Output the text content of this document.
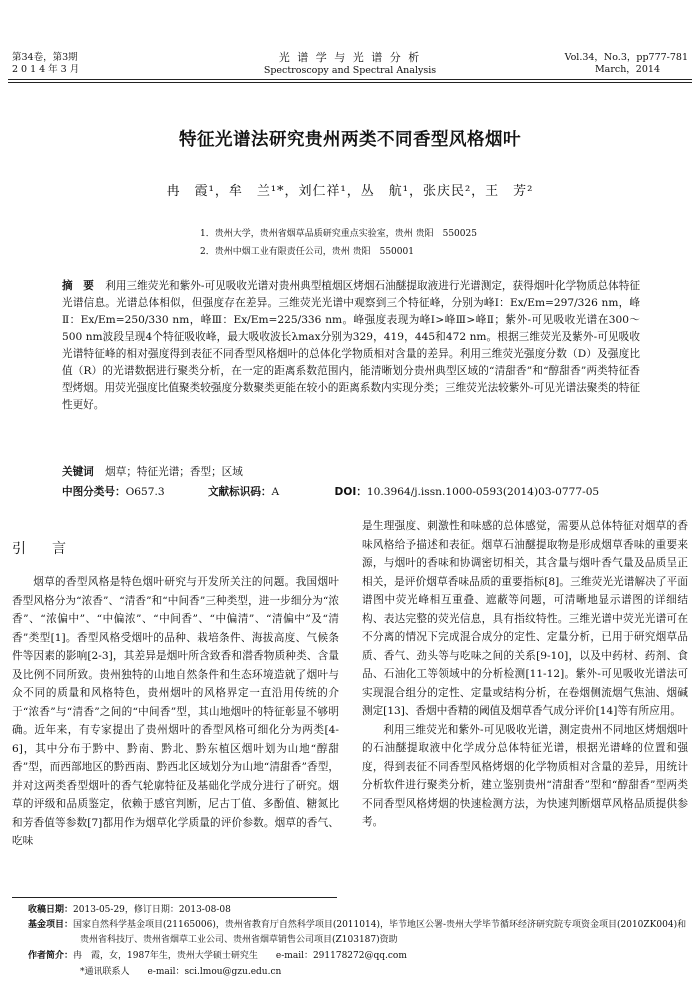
第34卷，第3期
2014年3月
光 谱 学 与 光 谱 分 析
Spectroscopy and Spectral Analysis
Vol.34，No.3，pp777-781
March，2014
特征光谱法研究贵州两类不同香型风格烟叶
冉　霞¹，牟　兰¹*，刘仁祥¹，丛　航¹，张庆民²，王　芳²
1．贵州大学，贵州省烟草品质研究重点实验室，贵州 贵阳　550025
2．贵州中烟工业有限责任公司，贵州 贵阳　550001
摘　要 利用三维荧光和紫外-可见吸收光谱对贵州典型植烟区烤烟石油醚提取液进行光谱测定，获得烟叶化学物质总体特征光谱信息。光谱总体相似，但强度存在差异。三维荧光光谱中观察到三个特征峰，分别为峰Ⅰ：Ex/Em=297/326 nm，峰Ⅱ：Ex/Em=250/330 nm，峰Ⅲ：Ex/Em=225/336 nm。峰强度表现为峰Ⅰ>峰Ⅲ>峰Ⅱ；紫外-可见吸收光谱在300～500 nm波段呈现4个特征吸收峰，最大吸收波长λmax分别为329，419，445和472 nm。根据三维荧光及紫外-可见吸收光谱特征峰的相对强度得到表征不同香型风格烟叶的总体化学物质相对含量的差异。利用三维荧光强度分数（D）及强度比值（R）的光谱数据进行聚类分析，在一定的距离系数范围内，能清晰划分贵州典型区域的“清甜香”和“醇甜香”两类特征香型烤烟。用荧光强度比值聚类较强度分数聚类更能在较小的距离系数内实现分类；三维荧光法较紫外-可见光谱法聚类的特征性更好。
关键词 烟草；特征光谱；香型；区域
中图分类号：O657.3	文献标识码：A	DOI：10.3964/j.issn.1000-0593(2014)03-0777-05
引　言

烟草的香型风格是特色烟叶研究与开发所关注的问题。我国烟叶香型风格分为“浓香”、“清香”和“中间香”三种类型，进一步细分为“浓香”、“浓偏中”、“中偏浓”、“中间香”、“中偏清”、“清偏中”及“清香”类型[1]。香型风格受烟叶的品种、栽培条件、海拔高度、气候条件等因素的影响[2-3]，其差异是烟叶所含致香和潜香物质种类、含量及比例不同所致。贵州独特的山地自然条件和生态环境造就了烟叶与众不同的质量和风格特色，贵州烟叶的风格界定一直沿用传统的介于“浓香”与“清香”之间的“中间香”型，其山地烟叶的特征彰显不够明确。近年来，有专家提出了贵州烟叶的香型风格可细化分为两类[4-6]，其中分布于黔中、黔南、黔北、黔东植区烟叶划为山地“醇甜香”型，而西部地区的黔西南、黔西北区域划分为山地“清甜香”香型，并对这两类香型烟叶的香气轮廓特征及基础化学成分进行了研究。烟草的评级和品质鉴定，依赖于感官判断，尼古丁值、多酚值、糖氮比和芳香值等参数[7]都用作为烟草化学质量的评价参数。烟草的香气、吃味

是生理强度、刺激性和味感的总体感觉，需要从总体特征对烟草的香味风格给予描述和表征。烟草石油醚提取物是形成烟草香味的重要来源，与烟叶的香味和协调密切相关，其含量与烟叶香气量及品质呈正相关，是评价烟草香味品质的重要指标[8]。三维荧光光谱解决了平面谱图中荧光峰相互重叠、遮蔽等问题，可清晰地显示谱图的详细结构、表达完整的荧光信息，具有指纹特性。三维光谱中荧光光谱可在不分离的情况下完成混合成分的定性、定量分析，已用于研究烟草品质、香气、劲头等与吃味之间的关系[9-10]，以及中药材、药剂、食品、石油化工等领域中的分析检测[11-12]。紫外-可见吸收光谱法可实现混合组分的定性、定量或结构分析，在卷烟侧流烟气焦油、烟碱测定[13]、香烟中香精的阈值及烟草香气成分评价[14]等有所应用。

利用三维荧光和紫外-可见吸收光谱，测定贵州不同地区烤烟烟叶的石油醚提取液中化学成分总体特征光谱，根据光谱峰的位置和强度，得到表征不同香型风格烤烟的化学物质相对含量的差异，用统计分析软件进行聚类分析，建立鉴别贵州“清甜香”型和“醇甜香”型两类不同香型风格烤烟的快速检测方法，为快速判断烟草风格品质提供参考。

收稿日期：2013-05-29，修订日期：2013-08-08
基金项目：国家自然科学基金项目(21165006)，贵州省教育厅自然科学项目(2011014)，毕节地区公署-贵州大学毕节循环经济研究院专项资金项目(2010ZK004)和贵州省科技厅、贵州省烟草工业公司、贵州省烟草销售公司项目(Z103187)资助
作者简介：冉　霞，女，1987年生，贵州大学硕士研究生　　e-mail：291178272@qq.com
*通讯联系人　　e-mail：sci.lmou@gzu.edu.cn
